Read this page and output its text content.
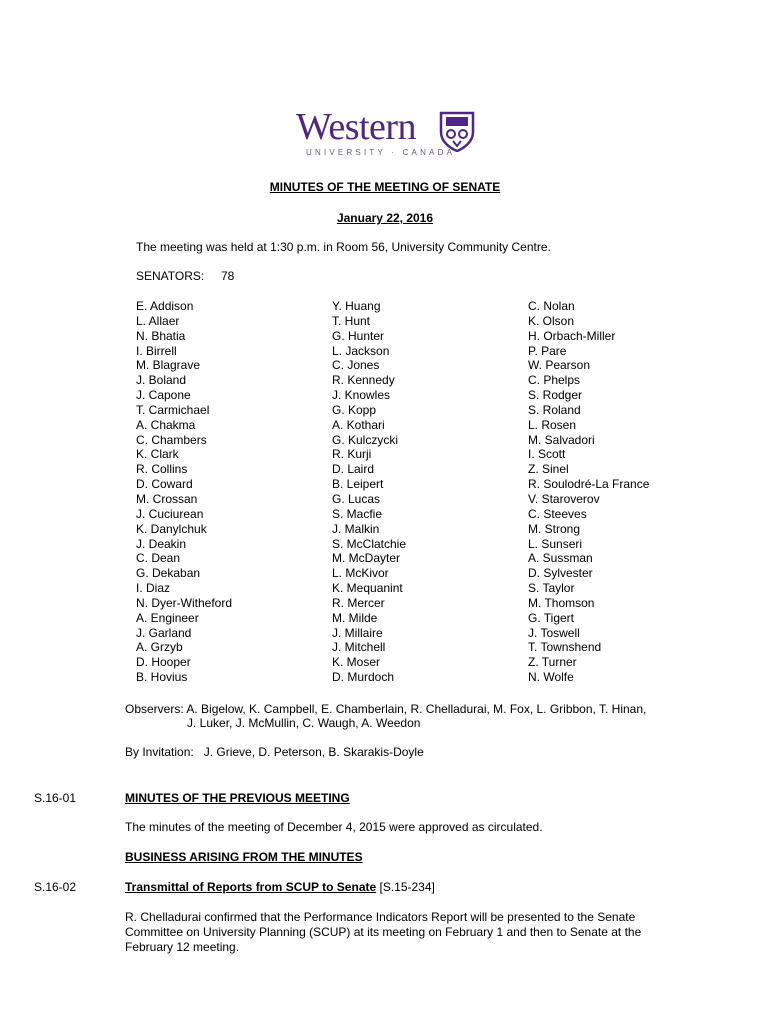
Western
UNIVERSITY · CANADA
MINUTES OF THE MEETING OF SENATE
January 22, 2016
The meeting was held at 1:30 p.m. in Room 56, University Community Centre.
SENATORS: 78
E. Addison
L. Allaer
N. Bhatia
I. Birrell
M. Blagrave
J. Boland
J. Capone
T. Carmichael
A. Chakma
C. Chambers
K. Clark
R. Collins
D. Coward
M. Crossan
J. Cuciurean
K. Danylchuk
J. Deakin
C. Dean
G. Dekaban
I. Diaz
N. Dyer-Witheford
A. Engineer
J. Garland
A. Grzyb
D. Hooper
B. Hovius
Y. Huang
T. Hunt
G. Hunter
L. Jackson
C. Jones
R. Kennedy
J. Knowles
G. Kopp
A. Kothari
G. Kulczycki
R. Kurji
D. Laird
B. Leipert
G. Lucas
S. Macfie
J. Malkin
S. McClatchie
M. McDayter
L. McKivor
K. Mequanint
R. Mercer
M. Milde
J. Millaire
J. Mitchell
K. Moser
D. Murdoch
C. Nolan
K. Olson
H. Orbach-Miller
P. Pare
W. Pearson
C. Phelps
S. Rodger
S. Roland
L. Rosen
M. Salvadori
I. Scott
Z. Sinel
R. Soulodré-La France
V. Staroverov
C. Steeves
M. Strong
L. Sunseri
A. Sussman
D. Sylvester
S. Taylor
M. Thomson
G. Tigert
J. Toswell
T. Townshend
Z. Turner
N. Wolfe
Observers: A. Bigelow, K. Campbell, E. Chamberlain, R. Chelladurai, M. Fox, L. Gribbon, T. Hinan,
J. Luker, J. McMullin, C. Waugh, A. Weedon
By Invitation:   J. Grieve, D. Peterson, B. Skarakis-Doyle
S.16-01	MINUTES OF THE PREVIOUS MEETING
The minutes of the meeting of December 4, 2015 were approved as circulated.
BUSINESS ARISING FROM THE MINUTES
S.16-02	Transmittal of Reports from SCUP to Senate [S.15-234]
R. Chelladurai confirmed that the Performance Indicators Report will be presented to the Senate Committee on University Planning (SCUP) at its meeting on February 1 and then to Senate at the February 12 meeting.
